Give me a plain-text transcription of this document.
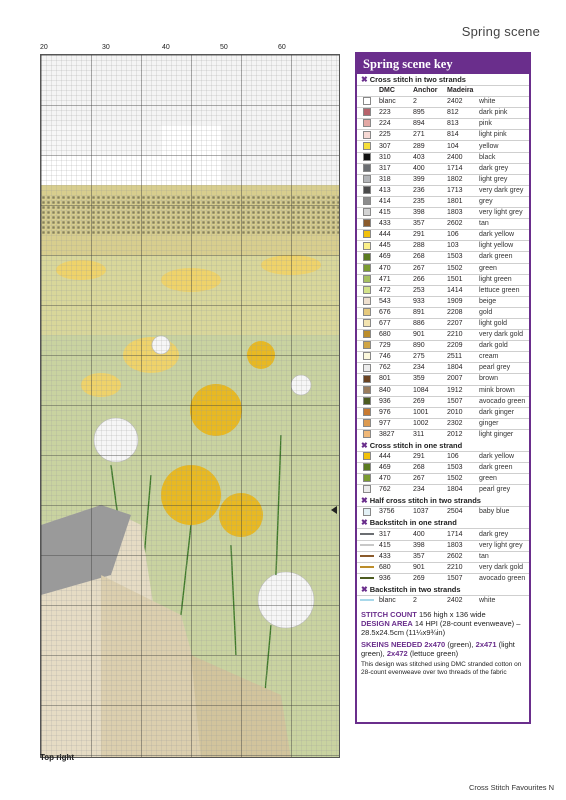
Spring scene
20	30	40	50	60
Top right
Spring scene key
✖ Cross stitch in two strands
	DMC	Anchor	Madeira	
	blanc	2	2402	white
	223	895	812	dark pink
	224	894	813	pink
	225	271	814	light pink
	307	289	104	yellow
	310	403	2400	black
	317	400	1714	dark grey
	318	399	1802	light grey
	413	236	1713	very dark grey
	414	235	1801	grey
	415	398	1803	very light grey
	433	357	2602	tan
	444	291	106	dark yellow
	445	288	103	light yellow
	469	268	1503	dark green
	470	267	1502	green
	471	266	1501	light green
	472	253	1414	lettuce green
	543	933	1909	beige
	676	891	2208	gold
	677	886	2207	light gold
	680	901	2210	very dark gold
	729	890	2209	dark gold
	746	275	2511	cream
	762	234	1804	pearl grey
	801	359	2007	brown
	840	1084	1912	mink brown
	936	269	1507	avocado green
	976	1001	2010	dark ginger
	977	1002	2302	ginger
	3827	311	2012	light ginger
✖ Cross stitch in one strand
	444	291	106	dark yellow
	469	268	1503	dark green
	470	267	1502	green
	762	234	1804	pearl grey
✖ Half cross stitch in two strands
	3756	1037	2504	baby blue
✖ Backstitch in one strand
	317	400	1714	dark grey
	415	398	1803	very light grey
	433	357	2602	tan
	680	901	2210	very dark gold
	936	269	1507	avocado green
✖ Backstitch in two strands
	blanc	2	2402	white
STITCH COUNT 156 high x 136 wide
DESIGN AREA 14 HPI (28-count evenweave) – 28.5x24.5cm (11¼x9¾in)
SKEINS NEEDED 2x470 (green), 2x471 (light green), 2x472 (lettuce green)
This design was stitched using DMC stranded cotton on 28-count evenweave over two threads of the fabric
Cross Stitch Favourites N
